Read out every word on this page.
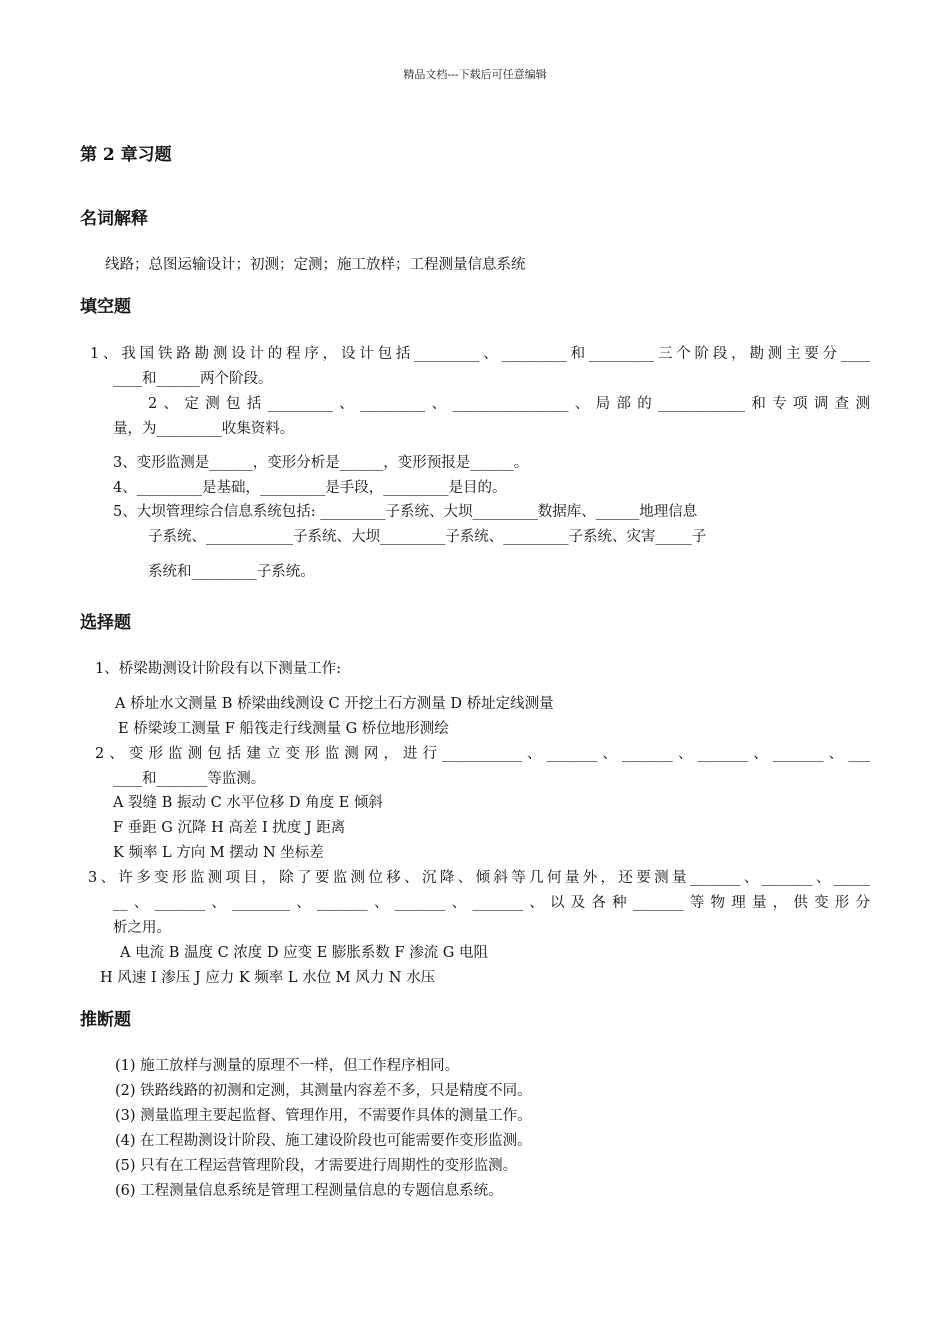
精品文档---下载后可任意编辑
第 2 章习题
名词解释
线路；总图运输设计；初测；定测；施工放样；工程测量信息系统
填空题
1、我国铁路勘测设计的程序，设计包括_________、_________和_________三个阶段，勘测主要分____
____和______两个阶段。
2、定测包括_________、_________、________________、局部的____________和专项调查测
量，为_________收集资料。
3、变形监测是______，变形分析是______，变形预报是______。
4、_________是基础，_________是手段，_________是目的。
5、大坝管理综合信息系统包括: _________子系统、大坝_________数据库、______地理信息
子系统、____________子系统、大坝_________子系统、_________子系统、灾害_____子
系统和_________子系统。
选择题
1、桥梁勘测设计阶段有以下测量工作:
A 桥址水文测量 B 桥梁曲线测设 C 开挖土石方测量 D 桥址定线测量
E 桥梁竣工测量 F 船筏走行线测量 G 桥位地形测绘
2、变形监测包括建立变形监测网，进行___________、_______、_______、_______、_______、___
____和_______等监测。
A 裂缝 B 振动 C 水平位移 D 角度 E 倾斜
F 垂距 G 沉降 H 高差 I 扰度 J 距离
K 频率 L 方向 M 摆动 N 坐标差
3、许多变形监测项目，除了要监测位移、沉降、倾斜等几何量外，还要测量_______、_______、_____
__、_______、________、_______、_______、_______、以及各种_______等物理量，供变形分
析之用。
A 电流 B 温度 C 浓度 D 应变 E 膨胀系数 F 渗流 G 电阻
H 风速 I 渗压 J 应力 K 频率 L 水位 M 风力 N 水压
推断题
(1) 施工放样与测量的原理不一样，但工作程序相同。
(2) 铁路线路的初测和定测，其测量内容差不多，只是精度不同。
(3) 测量监理主要起监督、管理作用，不需要作具体的测量工作。
(4) 在工程勘测设计阶段、施工建设阶段也可能需要作变形监测。
(5) 只有在工程运营管理阶段，才需要进行周期性的变形监测。
(6) 工程测量信息系统是管理工程测量信息的专题信息系统。
